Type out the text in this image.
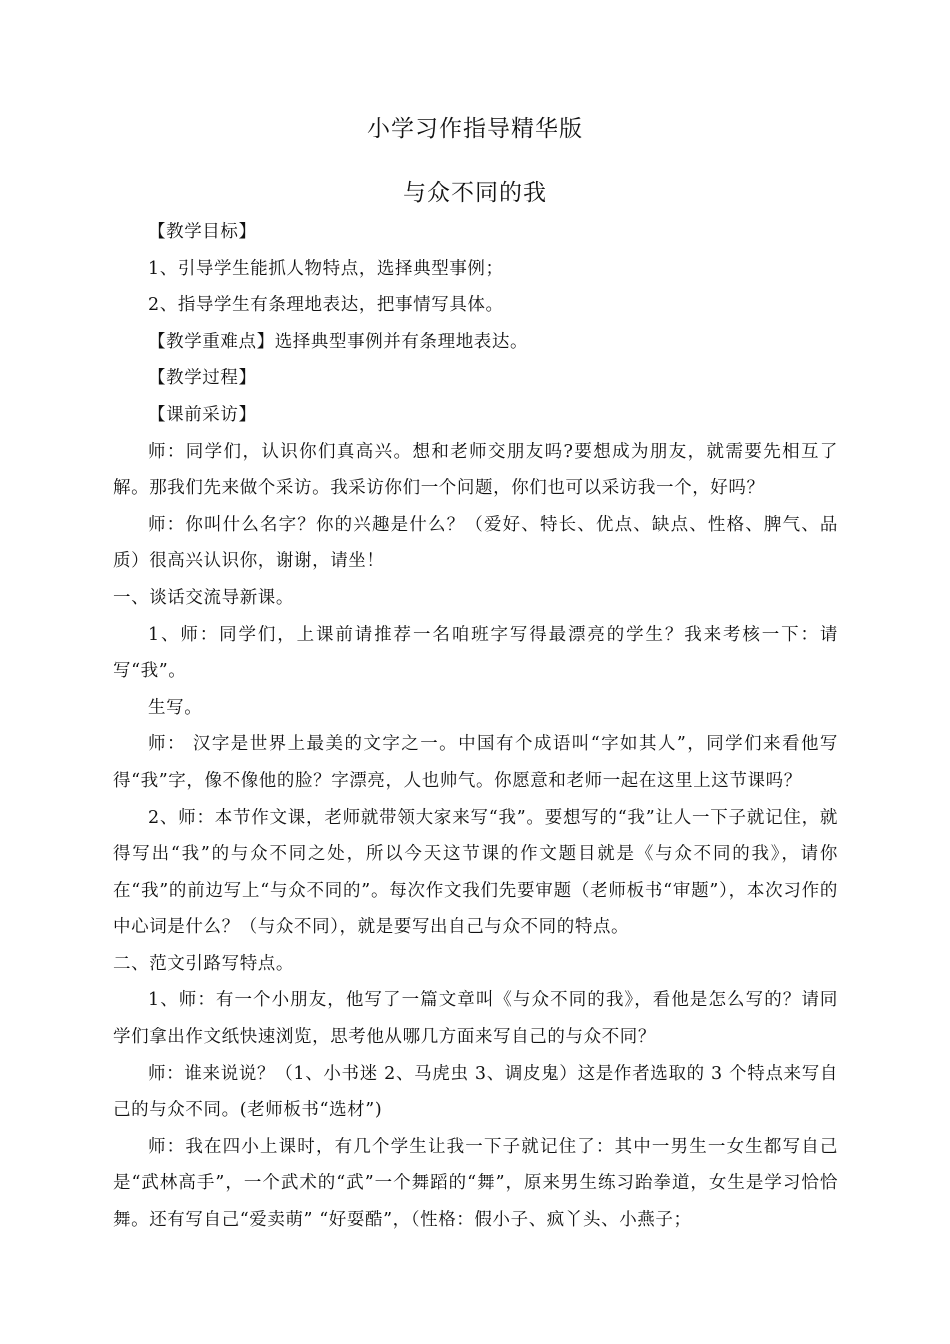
小学习作指导精华版
与众不同的我

【教学目标】

1、引导学生能抓人物特点，选择典型事例；

2、指导学生有条理地表达，把事情写具体。

【教学重难点】选择典型事例并有条理地表达。

【教学过程】

【课前采访】

师：同学们，认识你们真高兴。想和老师交朋友吗?要想成为朋友，就需要先相互了解。那我们先来做个采访。我采访你们一个问题，你们也可以采访我一个，好吗？

师：你叫什么名字？你的兴趣是什么？（爱好、特长、优点、缺点、性格、脾气、品质）很高兴认识你，谢谢，请坐！

一、谈话交流导新课。

1、师：同学们，上课前请推荐一名咱班字写得最漂亮的学生？我来考核一下：请写“我”。

生写。

师： 汉字是世界上最美的文字之一。中国有个成语叫“字如其人”，同学们来看他写得“我”字，像不像他的脸？字漂亮，人也帅气。你愿意和老师一起在这里上这节课吗？

2、师：本节作文课，老师就带领大家来写“我”。要想写的“我”让人一下子就记住，就得写出“我”的与众不同之处，所以今天这节课的作文题目就是《与众不同的我》，请你在“我”的前边写上“与众不同的”。每次作文我们先要审题（老师板书“审题”），本次习作的中心词是什么？（与众不同），就是要写出自己与众不同的特点。

二、范文引路写特点。

1、师：有一个小朋友，他写了一篇文章叫《与众不同的我》，看他是怎么写的？请同学们拿出作文纸快速浏览，思考他从哪几方面来写自己的与众不同？

师：谁来说说？（1、小书迷 2、马虎虫 3、调皮鬼）这是作者选取的 3 个特点来写自己的与众不同。(老师板书“选材”)

师：我在四小上课时，有几个学生让我一下子就记住了：其中一男生一女生都写自己是“武林高手”，一个武术的“武”一个舞蹈的“舞”，原来男生练习跆拳道，女生是学习恰恰舞。还有写自己“爱卖萌” “好耍酷”，（性格：假小子、疯丫头、小燕子；
